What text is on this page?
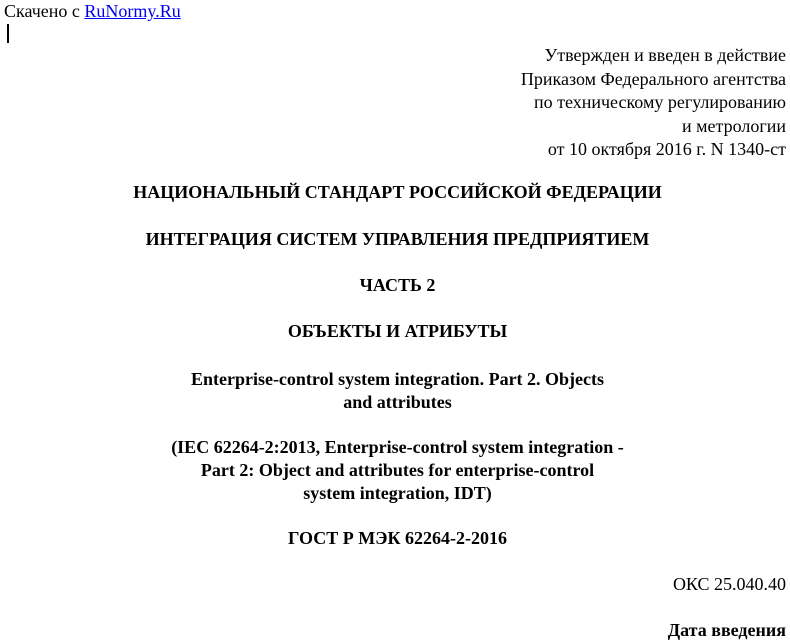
Скачено с RuNormy.Ru
Утвержден и введен в действие
Приказом Федерального агентства
по техническому регулированию
и метрологии
от 10 октября 2016 г. N 1340-ст
НАЦИОНАЛЬНЫЙ СТАНДАРТ РОССИЙСКОЙ ФЕДЕРАЦИИ
ИНТЕГРАЦИЯ СИСТЕМ УПРАВЛЕНИЯ ПРЕДПРИЯТИЕМ
ЧАСТЬ 2
ОБЪЕКТЫ И АТРИБУТЫ
Enterprise-control system integration. Part 2. Objects
and attributes
(IEC 62264-2:2013, Enterprise-control system integration -
Part 2: Object and attributes for enterprise-control
system integration, IDT)
ГОСТ Р МЭК 62264-2-2016
ОКС 25.040.40
Дата введения
